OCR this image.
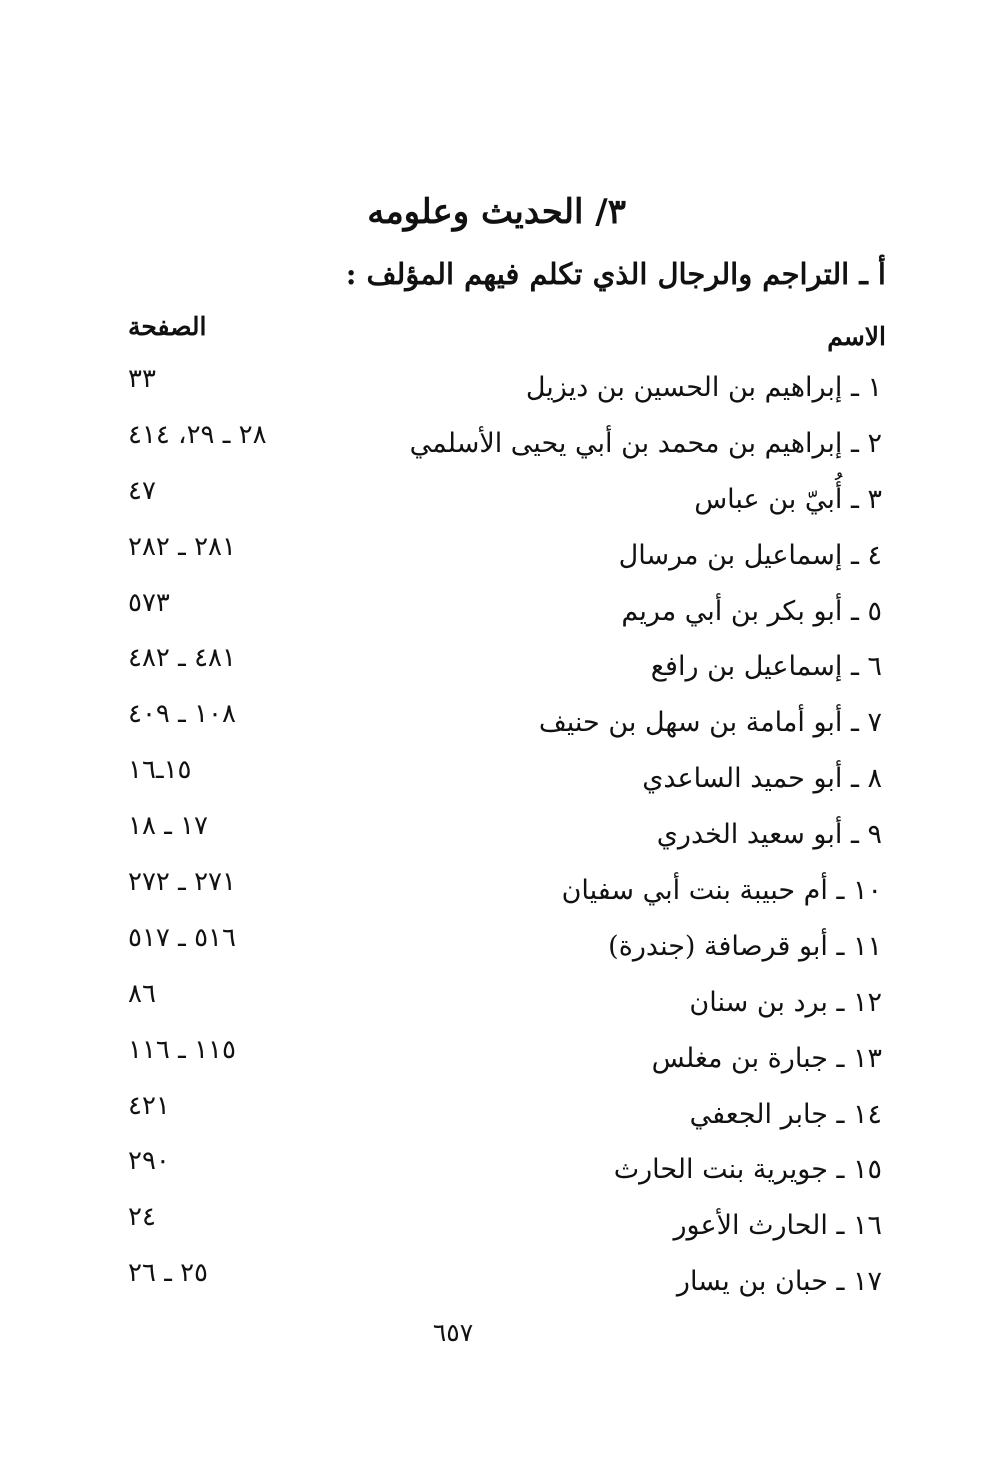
٣/ الحديث وعلومه
أ ـ التراجم والرجال الذي تكلم فيهم المؤلف :
الاسم
الصفحة
١ ـ إبراهيم بن الحسين بن ديزيل
٣٣
٢ ـ إبراهيم بن محمد بن أبي يحيى الأسلمي
٢٨ ـ ٢٩، ٤١٤
٣ ـ أُبيّ بن عباس
٤٧
٤ ـ إسماعيل بن مرسال
٢٨١ ـ ٢٨٢
٥ ـ أبو بكر بن أبي مريم
٥٧٣
٦ ـ إسماعيل بن رافع
٤٨١ ـ ٤٨٢
٧ ـ أبو أمامة بن سهل بن حنيف
١٠٨ ـ ٤٠٩
٨ ـ أبو حميد الساعدي
١٥ـ١٦
٩ ـ أبو سعيد الخدري
١٧ ـ ١٨
١٠ ـ أم حبيبة بنت أبي سفيان
٢٧١ ـ ٢٧٢
١١ ـ أبو قرصافة (جندرة)
٥١٦ ـ ٥١٧
١٢ ـ برد بن سنان
٨٦
١٣ ـ جبارة بن مغلس
١١٥ ـ ١١٦
١٤ ـ جابر الجعفي
٤٢١
١٥ ـ جويرية بنت الحارث
٢٩٠
١٦ ـ الحارث الأعور
٢٤
١٧ ـ حبان بن يسار
٢٥ ـ ٢٦
٦٥٧
